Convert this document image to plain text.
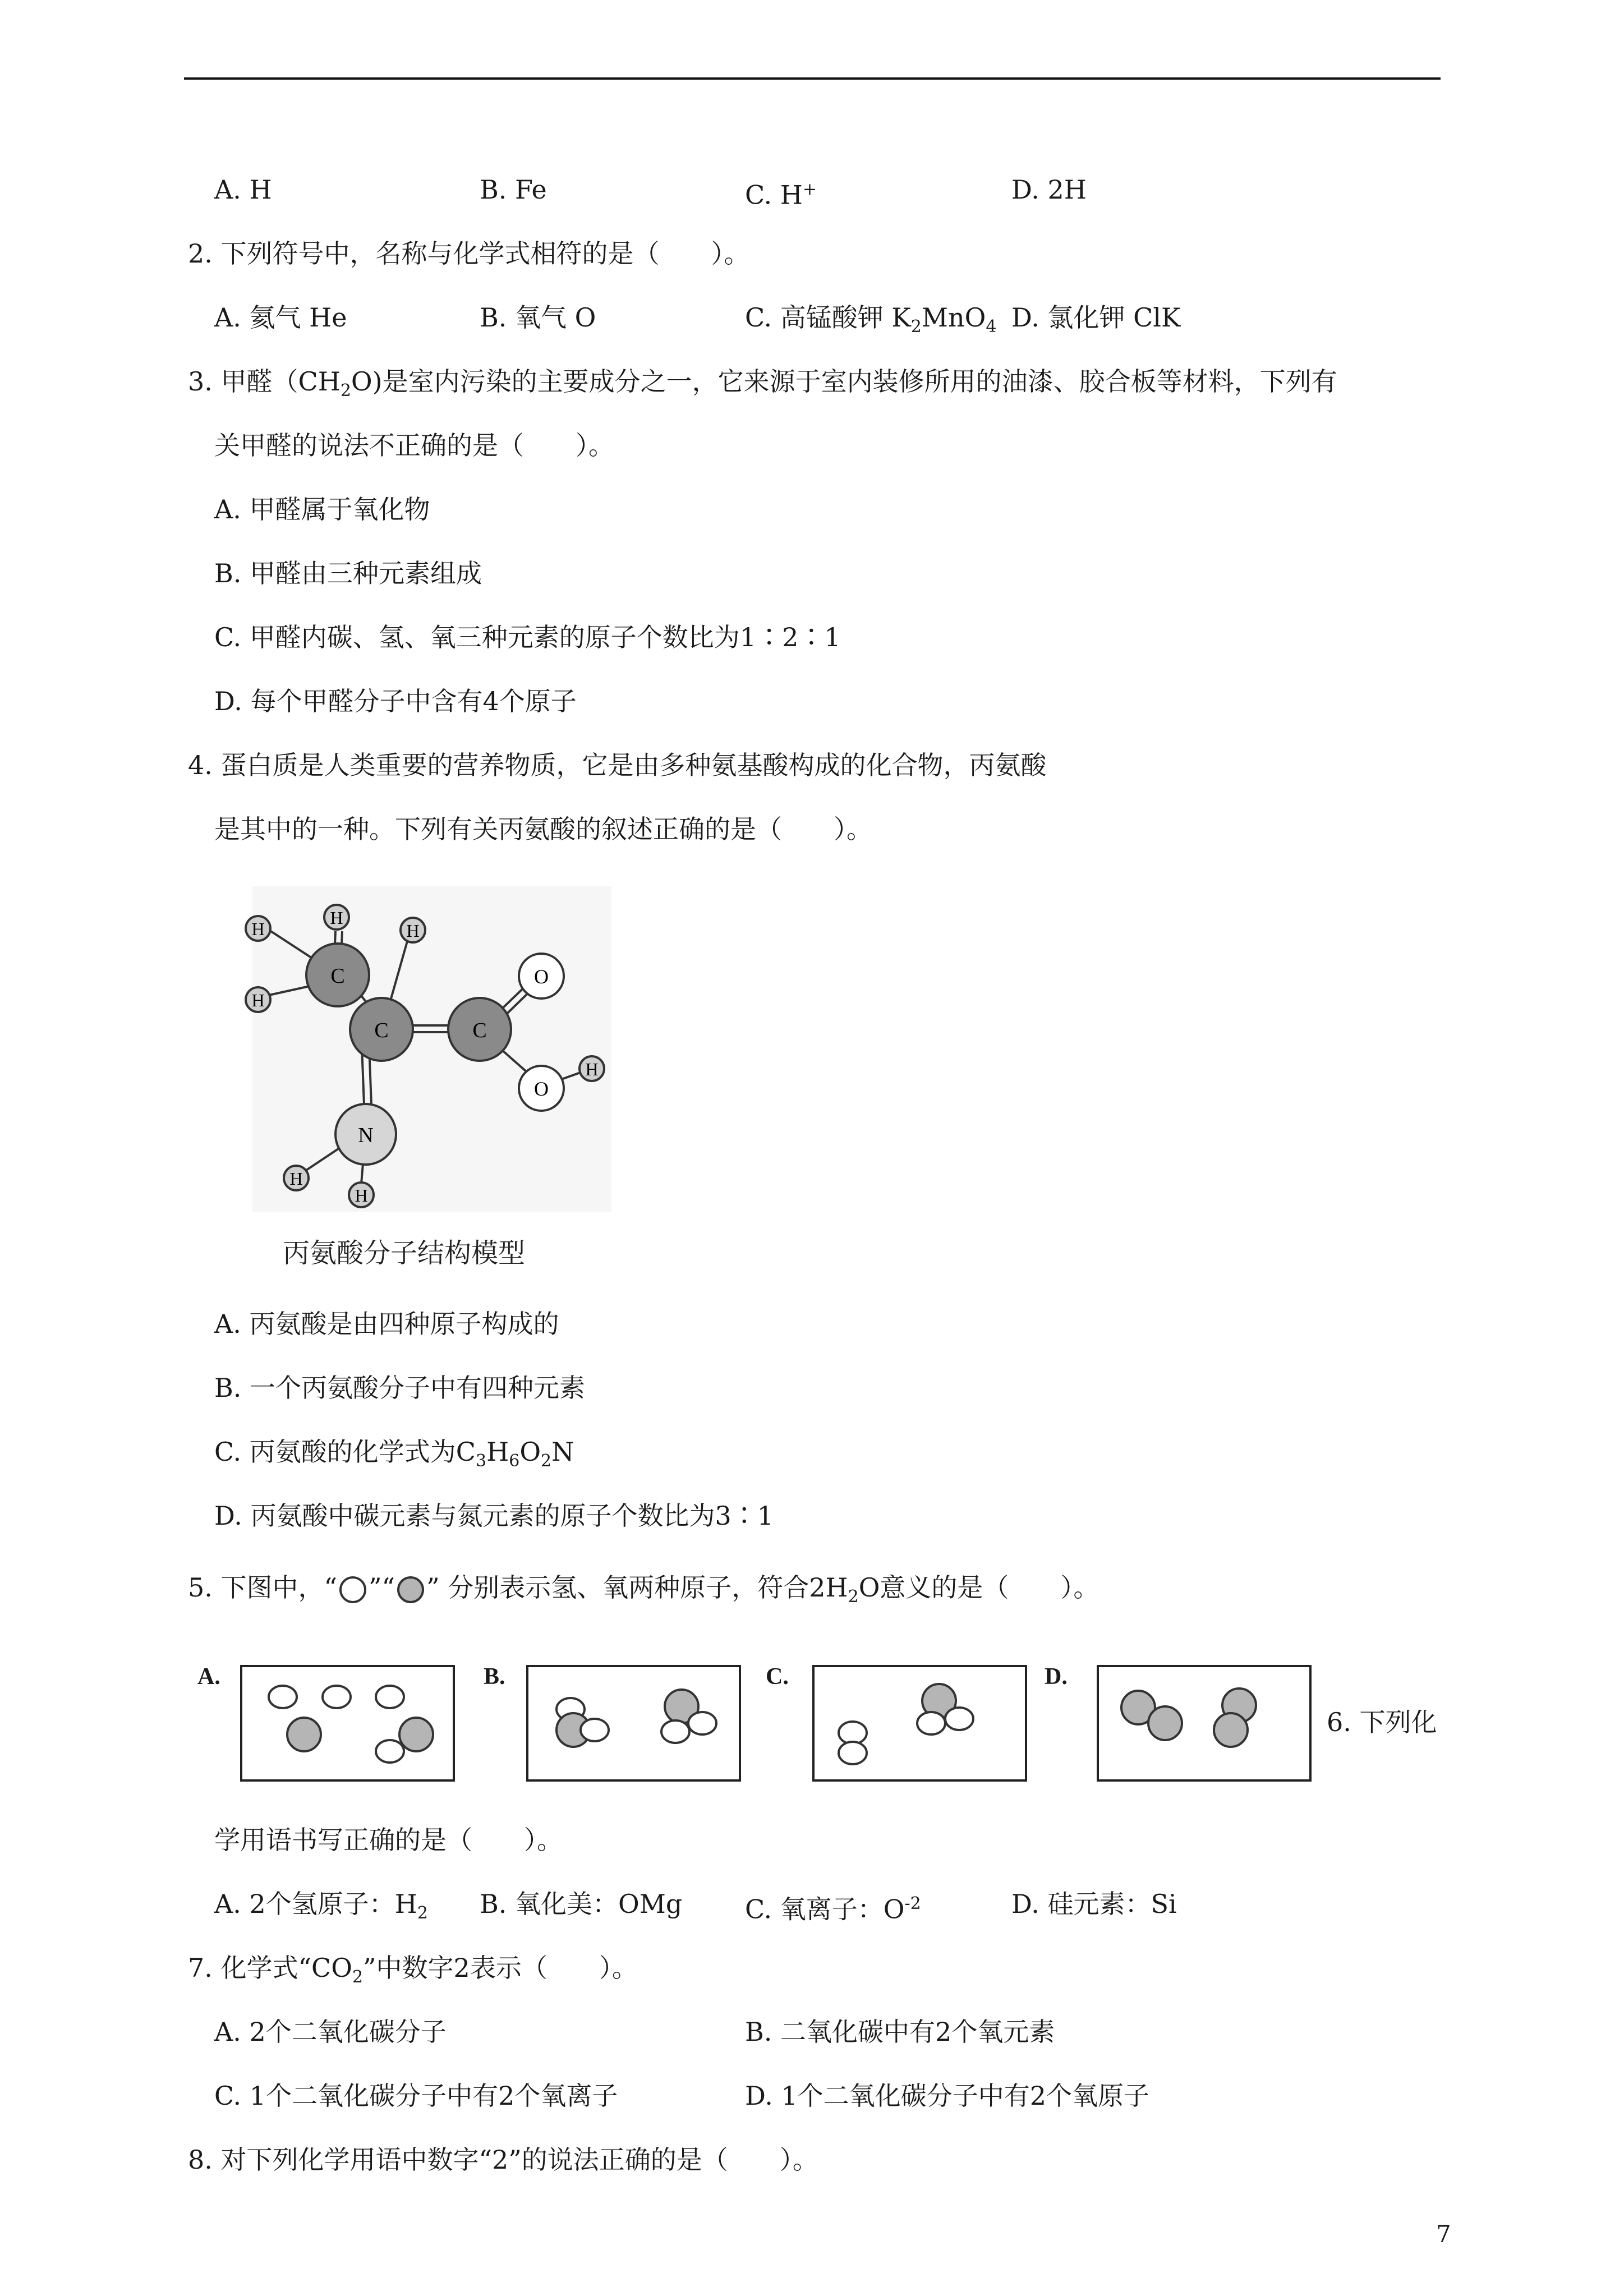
A. H	B. Fe	C. H+	D. 2H
2. 下列符号中，名称与化学式相符的是（　　）。
A. 氦气 He	B. 氧气 O	C. 高锰酸钾 $K_2MnO_4$ D. 氯化钾 ClK
3. 甲醛$(CH_2O)$是室内污染的主要成分之一，它来源于室内装修所用的油漆、胶合板等材料，下列有
关甲醛的说法不正确的是（　　）。
A. 甲醛属于氧化物
B. 甲醛由三种元素组成
C. 甲醛内碳、氢、氧三种元素的原子个数比为1∶2∶1
D. 每个甲醛分子中含有4个原子
4. 蛋白质是人类重要的营养物质，它是由多种氨基酸构成的化合物，丙氨酸
是其中的一种。下列有关丙氨酸的叙述正确的是（　　）。
H
H
H
C
H
C	C
O
O
H
N
H
H
丙氨酸分子结构模型
A. 丙氨酸是由四种原子构成的
B. 一个丙氨酸分子中有四种元素
C. 丙氨酸的化学式为$C_3H_6O_2N$
D. 丙氨酸中碳元素与氮元素的原子个数比为3∶1
5. 下图中，“ ”“ ” 分别表示氢、氧两种原子，符合$2H_2O$意义的是（　　）。
A.	B.	C.	D.
6. 下列化
学用语书写正确的是（　　）。
A. 2个氢原子：$H_2$ B. 氧化美：OMg C. 氧离子：$O^{-2}$	D. 硅元素：Si
7. 化学式“$CO_2$”中数字2表示（　　）。
A. 2个二氧化碳分子	B. 二氧化碳中有2个氧元素
C. 1个二氧化碳分子中有2个氧离子	D. 1个二氧化碳分子中有2个氧原子
8. 对下列化学用语中数字“2”的说法正确的是（　　）。
7
